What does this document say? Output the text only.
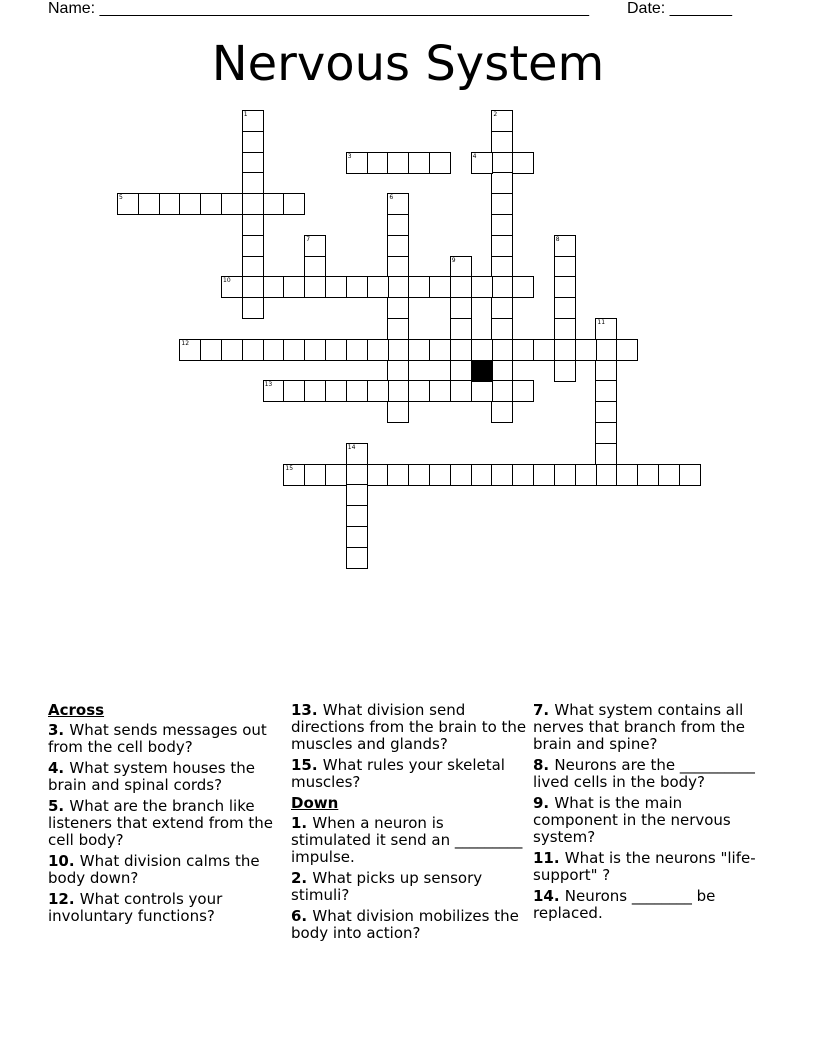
Name: _______________________________________________________ Date: _______
Nervous System
1	2
3	4
5	6
7	8
9
10
11
12
13
14
15
Across
3. What sends messages out from the cell body?
4. What system houses the brain and spinal cords?
5. What are the branch like listeners that extend from the cell body?
10. What division calms the body down?
12. What controls your involuntary functions?
13. What division send directions from the brain to the muscles and glands?
15. What rules your skeletal muscles?
Down
1. When a neuron is stimulated it send an _________ impulse.
2. What picks up sensory stimuli?
6. What division mobilizes the body into action?
7. What system contains all nerves that branch from the brain and spine?
8. Neurons are the __________ lived cells in the body?
9. What is the main component in the nervous system?
11. What is the neurons "life-support" ?
14. Neurons ________ be replaced.
